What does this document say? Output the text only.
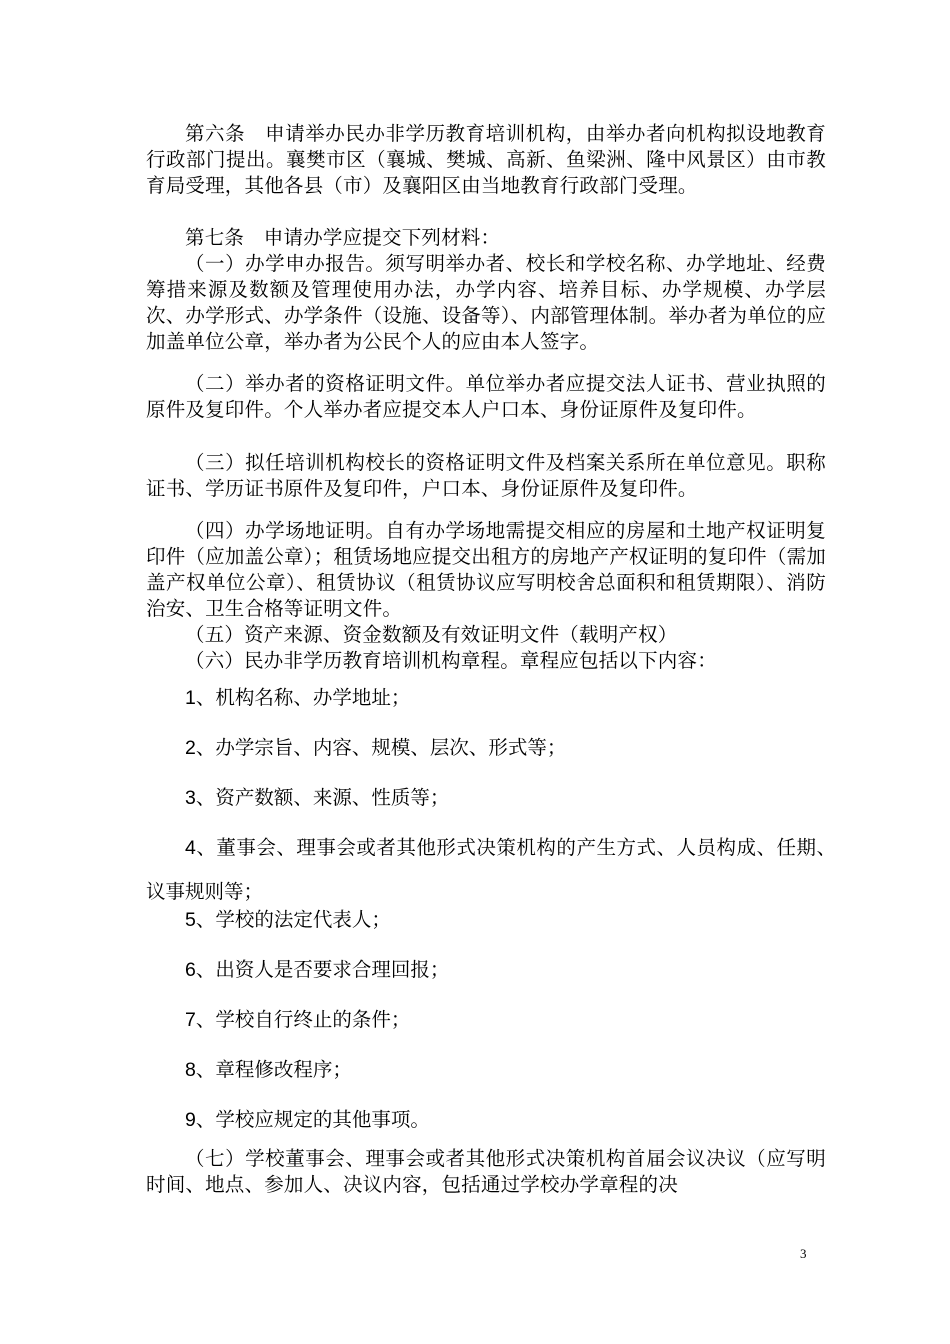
第六条　申请举办民办非学历教育培训机构，由举办者向机构拟设地教育行政部门提出。襄樊市区（襄城、樊城、高新、鱼梁洲、隆中风景区）由市教育局受理，其他各县（市）及襄阳区由当地教育行政部门受理。

第七条　申请办学应提交下列材料：

（一）办学申办报告。须写明举办者、校长和学校名称、办学地址、经费筹措来源及数额及管理使用办法，办学内容、培养目标、办学规模、办学层次、办学形式、办学条件（设施、设备等）、内部管理体制。举办者为单位的应加盖单位公章，举办者为公民个人的应由本人签字。

（二）举办者的资格证明文件。单位举办者应提交法人证书、营业执照的原件及复印件。个人举办者应提交本人户口本、身份证原件及复印件。

（三）拟任培训机构校长的资格证明文件及档案关系所在单位意见。职称证书、学历证书原件及复印件，户口本、身份证原件及复印件。

（四）办学场地证明。自有办学场地需提交相应的房屋和土地产权证明复印件（应加盖公章）；租赁场地应提交出租方的房地产产权证明的复印件（需加盖产权单位公章）、租赁协议（租赁协议应写明校舍总面积和租赁期限）、消防治安、卫生合格等证明文件。

（五）资产来源、资金数额及有效证明文件（载明产权）

（六）民办非学历教育培训机构章程。章程应包括以下内容：

1、机构名称、办学地址；

2、办学宗旨、内容、规模、层次、形式等；

3、资产数额、来源、性质等；

4、董事会、理事会或者其他形式决策机构的产生方式、人员构成、任期、议事规则等；

5、学校的法定代表人；

6、出资人是否要求合理回报；

7、学校自行终止的条件；

8、章程修改程序；

9、学校应规定的其他事项。

（七）学校董事会、理事会或者其他形式决策机构首届会议决议（应写明时间、地点、参加人、决议内容，包括通过学校办学章程的决

3
